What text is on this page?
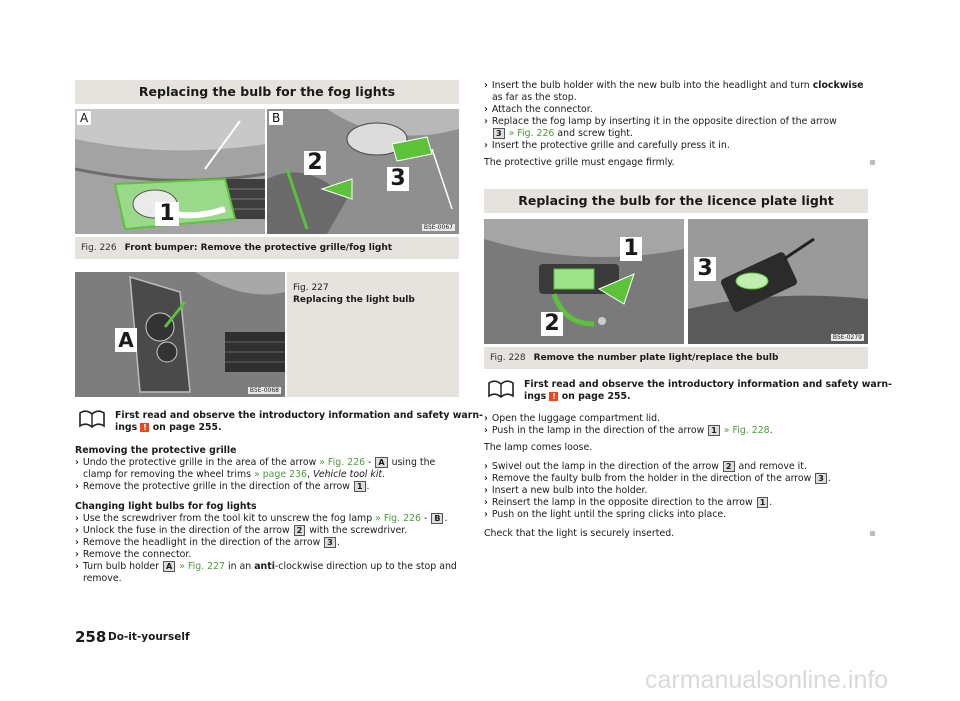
Replacing the bulb for the fog lights
A
1
B
2
3
B5E-0067
Fig. 226 Front bumper: Remove the protective grille/fog light
A
B5E-0068
Fig. 227
Replacing the light bulb
First read and observe the introductory information and safety warn-
ings ! on page 255.
Removing the protective grille
› Undo the protective grille in the area of the arrow » Fig. 226 - A using the
clamp for removing the wheel trims » page 236, Vehicle tool kit.
› Remove the protective grille in the direction of the arrow 1 .
Changing light bulbs for fog lights
› Use the screwdriver from the tool kit to unscrew the fog lamp » Fig. 226 - B .
› Unlock the fuse in the direction of the arrow 2 with the screwdriver.
› Remove the headlight in the direction of the arrow 3 .
› Remove the connector.
› Turn bulb holder A » Fig. 227 in an anti-clockwise direction up to the stop and
remove.
› Insert the bulb holder with the new bulb into the headlight and turn clockwise
as far as the stop.
› Attach the connector.
› Replace the fog lamp by inserting it in the opposite direction of the arrow
3 » Fig. 226 and screw tight.
› Insert the protective grille and carefully press it in.
The protective grille must engage firmly.
Replacing the bulb for the licence plate light
1
2
3
B5E-0279
Fig. 228 Remove the number plate light/replace the bulb
First read and observe the introductory information and safety warn-
ings ! on page 255.
› Open the luggage compartment lid.
› Push in the lamp in the direction of the arrow 1 » Fig. 228.
The lamp comes loose.
› Swivel out the lamp in the direction of the arrow 2 and remove it.
› Remove the faulty bulb from the holder in the direction of the arrow 3 .
› Insert a new bulb into the holder.
› Reinsert the lamp in the opposite direction to the arrow 1 .
› Push on the light until the spring clicks into place.
Check that the light is securely inserted.
258 Do-it-yourself
carmanualsonline.info
